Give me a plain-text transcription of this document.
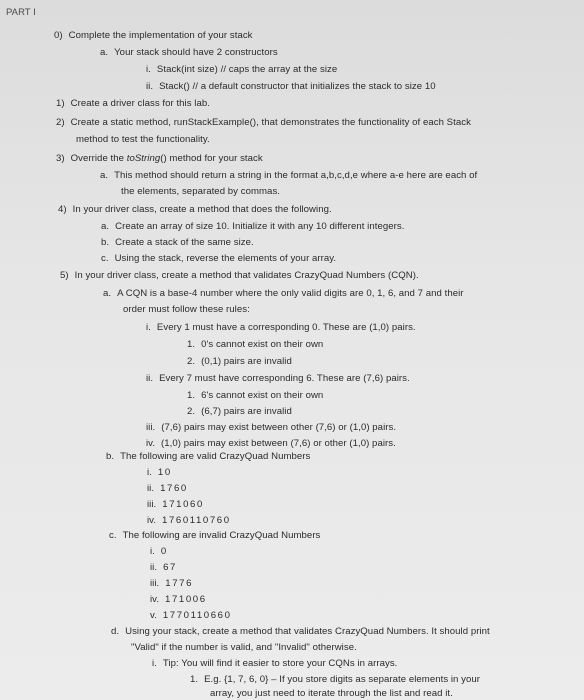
PART I
0) Complete the implementation of your stack
a. Your stack should have 2 constructors
i. Stack(int size) // caps the array at the size
ii. Stack() // a default constructor that initializes the stack to size 10
1) Create a driver class for this lab.
2) Create a static method, runStackExample(), that demonstrates the functionality of each Stack
method to test the functionality.
3) Override the toString() method for your stack
a. This method should return a string in the format a,b,c,d,e where a-e here are each of
the elements, separated by commas.
4) In your driver class, create a method that does the following.
a. Create an array of size 10. Initialize it with any 10 different integers.
b. Create a stack of the same size.
c. Using the stack, reverse the elements of your array.
5) In your driver class, create a method that validates CrazyQuad Numbers (CQN).
a. A CQN is a base-4 number where the only valid digits are 0, 1, 6, and 7 and their
order must follow these rules:
i. Every 1 must have a corresponding 0. These are (1,0) pairs.
1. 0's cannot exist on their own
2. (0,1) pairs are invalid
ii. Every 7 must have corresponding 6. These are (7,6) pairs.
1. 6's cannot exist on their own
2. (6,7) pairs are invalid
iii. (7,6) pairs may exist between other (7,6) or (1,0) pairs.
iv. (1,0) pairs may exist between (7,6) or other (1,0) pairs.
b. The following are valid CrazyQuad Numbers
i. 10
ii. 1760
iii. 171060
iv. 1760110760
c. The following are invalid CrazyQuad Numbers
i. 0
ii. 67
iii. 1776
iv. 171006
v. 1770110660
d. Using your stack, create a method that validates CrazyQuad Numbers. It should print
"Valid" if the number is valid, and "Invalid" otherwise.
i. Tip: You will find it easier to store your CQNs in arrays.
1. E.g. {1, 7, 6, 0} – If you store digits as separate elements in your
array, you just need to iterate through the list and read it.
